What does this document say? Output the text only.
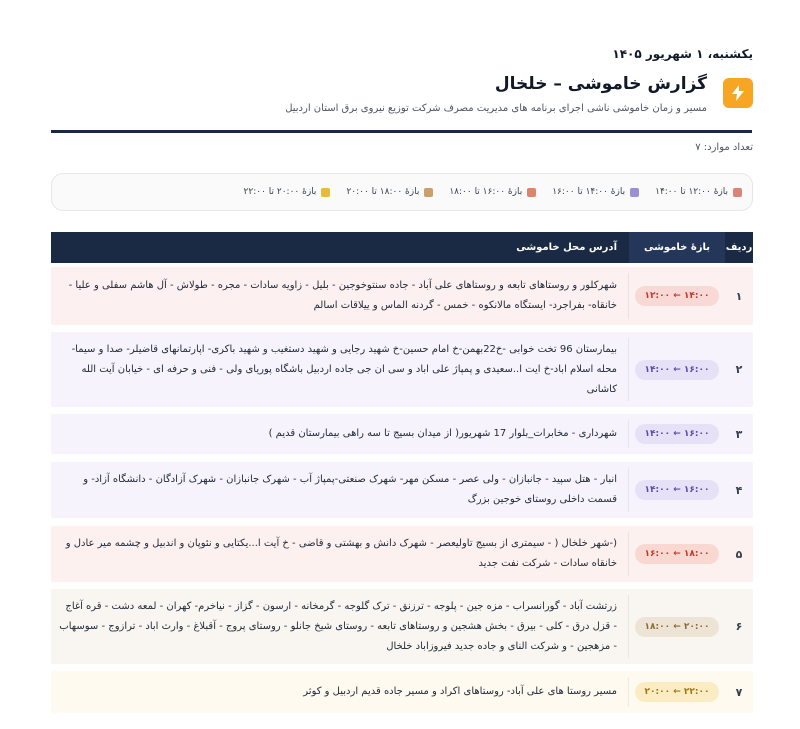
یکشنبه، ۱ شهریور ۱۴۰۵
گزارش خاموشی – خلخال
مسیر و زمان خاموشی ناشی اجرای برنامه های مدیریت مصرف شرکت توزیع نیروی برق استان اردبیل
تعداد موارد: ۷
بازهٔ ۱۲:۰۰ تا ۱۴:۰۰
بازهٔ ۱۴:۰۰ تا ۱۶:۰۰
بازهٔ ۱۶:۰۰ تا ۱۸:۰۰
بازهٔ ۱۸:۰۰ تا ۲۰:۰۰
بازهٔ ۲۰:۰۰ تا ۲۲:۰۰
ردیف
بازهٔ خاموشی
آدرس محل خاموشی
۱
۱۴:۰۰ ← ۱۲:۰۰
شهرکلور و روستاهای تابعه و روستاهای علی آباد - جاده سنتوخوجین - بلیل - زاویه سادات - مجره - طولاش - آل هاشم سفلی و علیا - خانقاه- بفراجرد- ایستگاه مالانکوه - خمس - گردنه الماس و ییلاقات اسالم
۲
۱۶:۰۰ ← ۱۴:۰۰
بیمارستان 96 تخت خوابی -خ22بهمن-خ امام حسین-خ شهید رجایی و شهید دستغیب و شهید باکری- اپارتمانهای قاضیلر- صدا و سیما-محله اسلام اباد-خ ایت ا..سعیدی و پمپاژ علی اباد و سی ان جی جاده اردبیل باشگاه پوریای ولی - فنی و حرفه ای - خیابان آیت الله کاشانی
۳
۱۶:۰۰ ← ۱۴:۰۰
شهرداری - مخابرات_بلوار 17 شهریور( از میدان بسیج تا سه راهی بیمارستان قدیم )
۴
۱۶:۰۰ ← ۱۴:۰۰
انبار - هتل سپید - جانبازان - ولی عصر - مسکن مهر- شهرک صنعتی-پمپاژ آب - شهرک جانبازان - شهرک آزادگان - دانشگاه آزاد- و قسمت داخلی روستای خوجین بزرگ
۵
۱۸:۰۰ ← ۱۶:۰۰
(-شهر خلخال ( - سیمتری از بسیج تاولیعصر - شهرک دانش و بهشتی و قاضی - خ آیت ا...یکتایی و نئوپان و اندبیل و چشمه میر عادل و خانقاه سادات - شرکت نفت جدید
۶
۲۰:۰۰ ← ۱۸:۰۰
زرتشت آباد - گورانسراب - مزه جین - پلوجه - ترزنق - ترک گلوجه - گرمخانه - ارسون - گزاز - نیاخرم- کهران - لمعه دشت - قره آغاج - قزل درق - کلی - بیرق - بخش هشجین و روستاهای تابعه - روستای شیخ جانلو - روستای پروج - آقبلاغ - وارث اباد - ترازوج - سوسهاب - مزهجین - و شرکت النای و جاده جدید فیروزاباد خلخال
۷
۲۲:۰۰ ← ۲۰:۰۰
مسیر روستا های علی آباد- روستاهای اکراد و مسیر جاده قدیم اردبیل و کوثر
